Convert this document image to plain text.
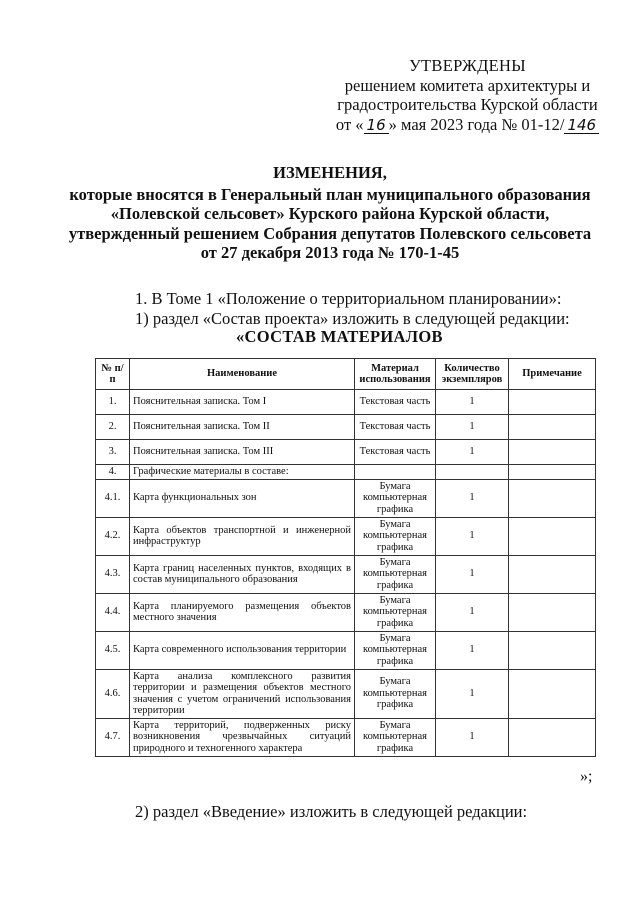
УТВЕРЖДЕНЫ
решением комитета архитектуры и
градостроительства Курской области
от « 16 » мая 2023 года № 01-12/ 146
ИЗМЕНЕНИЯ,
которые вносятся в Генеральный план муниципального образования
«Полевской сельсовет» Курского района Курской области,
утвержденный решением Собрания депутатов Полевского сельсовета
от 27 декабря 2013 года № 170-1-45
1. В Томе 1 «Положение о территориальном планировании»:
1) раздел «Состав проекта» изложить в следующей редакции:
«СОСТАВ МАТЕРИАЛОВ
№ п/п	Наименование	Материал использования	Количество экземпляров	Примечание
1.	Пояснительная записка. Том I	Текстовая часть	1	
2.	Пояснительная записка. Том II	Текстовая часть	1	
3.	Пояснительная записка. Том III	Текстовая часть	1	
4.	Графические материалы в составе:			
4.1.	Карта функциональных зон	Бумага компьютерная графика	1	
4.2.	Карта объектов транспортной и инженерной инфраструктур	Бумага компьютерная графика	1	
4.3.	Карта границ населенных пунктов, входящих в состав муниципального образования	Бумага компьютерная графика	1	
4.4.	Карта планируемого размещения объектов местного значения	Бумага компьютерная графика	1	
4.5.	Карта современного использования территории	Бумага компьютерная графика	1	
4.6.	Карта анализа комплексного развития территории и размещения объектов местного значения с учетом ограничений использования территории	Бумага компьютерная графика	1	
4.7.	Карта территорий, подверженных риску возникновения чрезвычайных ситуаций природного и техногенного характера	Бумага компьютерная графика	1	
»;
2) раздел «Введение» изложить в следующей редакции:
